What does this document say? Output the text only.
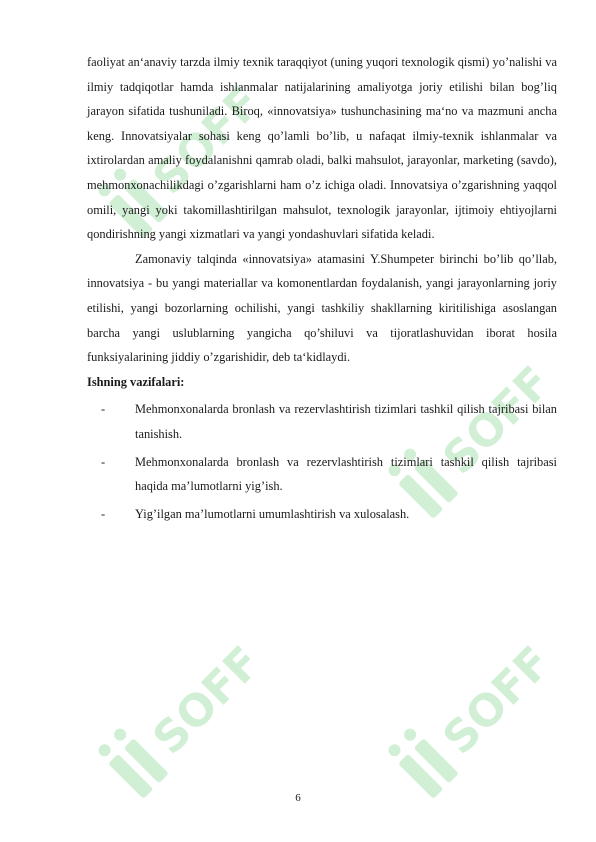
SOFF
SOFF
SOFF	SOFF

faoliyat an‘anaviy tarzda ilmiy texnik taraqqiyot (uning yuqori texnologik qismi) yo’nalishi va ilmiy tadqiqotlar hamda ishlanmalar natijalarining amaliyotga joriy etilishi bilan bog’liq jarayon sifatida tushuniladi. Biroq, «innovatsiya» tushunchasining ma‘no va mazmuni ancha keng. Innovatsiyalar sohasi keng qo’lamli bo’lib, u nafaqat ilmiy-texnik ishlanmalar va ixtirolardan amaliy foydalanishni qamrab oladi, balki mahsulot, jarayonlar, marketing (savdo), mehmonxonachilikdagi o’zgarishlarni ham o’z ichiga oladi. Innovatsiya o’zgarishning yaqqol omili, yangi yoki takomillashtirilgan mahsulot, texnologik jarayonlar, ijtimoiy ehtiyojlarni qondirishning yangi xizmatlari va yangi yondashuvlari sifatida keladi.

Zamonaviy talqinda «innovatsiya» atamasini Y.Shumpeter birinchi bo’lib qo’llab, innovatsiya - bu yangi materiallar va komonentlardan foydalanish, yangi jarayonlarning joriy etilishi, yangi bozorlarning ochilishi, yangi tashkiliy shakllarning kiritilishiga asoslangan barcha yangi uslublarning yangicha qo’shiluvi va tijoratlashuvidan iborat hosila funksiyalarining jiddiy o’zgarishidir, deb ta‘kidlaydi.

Ishning vazifalari:

-	Mehmonxonalarda bronlash va rezervlashtirish tizimlari tashkil qilish tajribasi bilan tanishish.
-	Mehmonxonalarda bronlash va rezervlashtirish tizimlari tashkil qilish tajribasi haqida ma’lumotlarni yig’ish.
-	Yig’ilgan ma’lumotlarni umumlashtirish va xulosalash.
6
